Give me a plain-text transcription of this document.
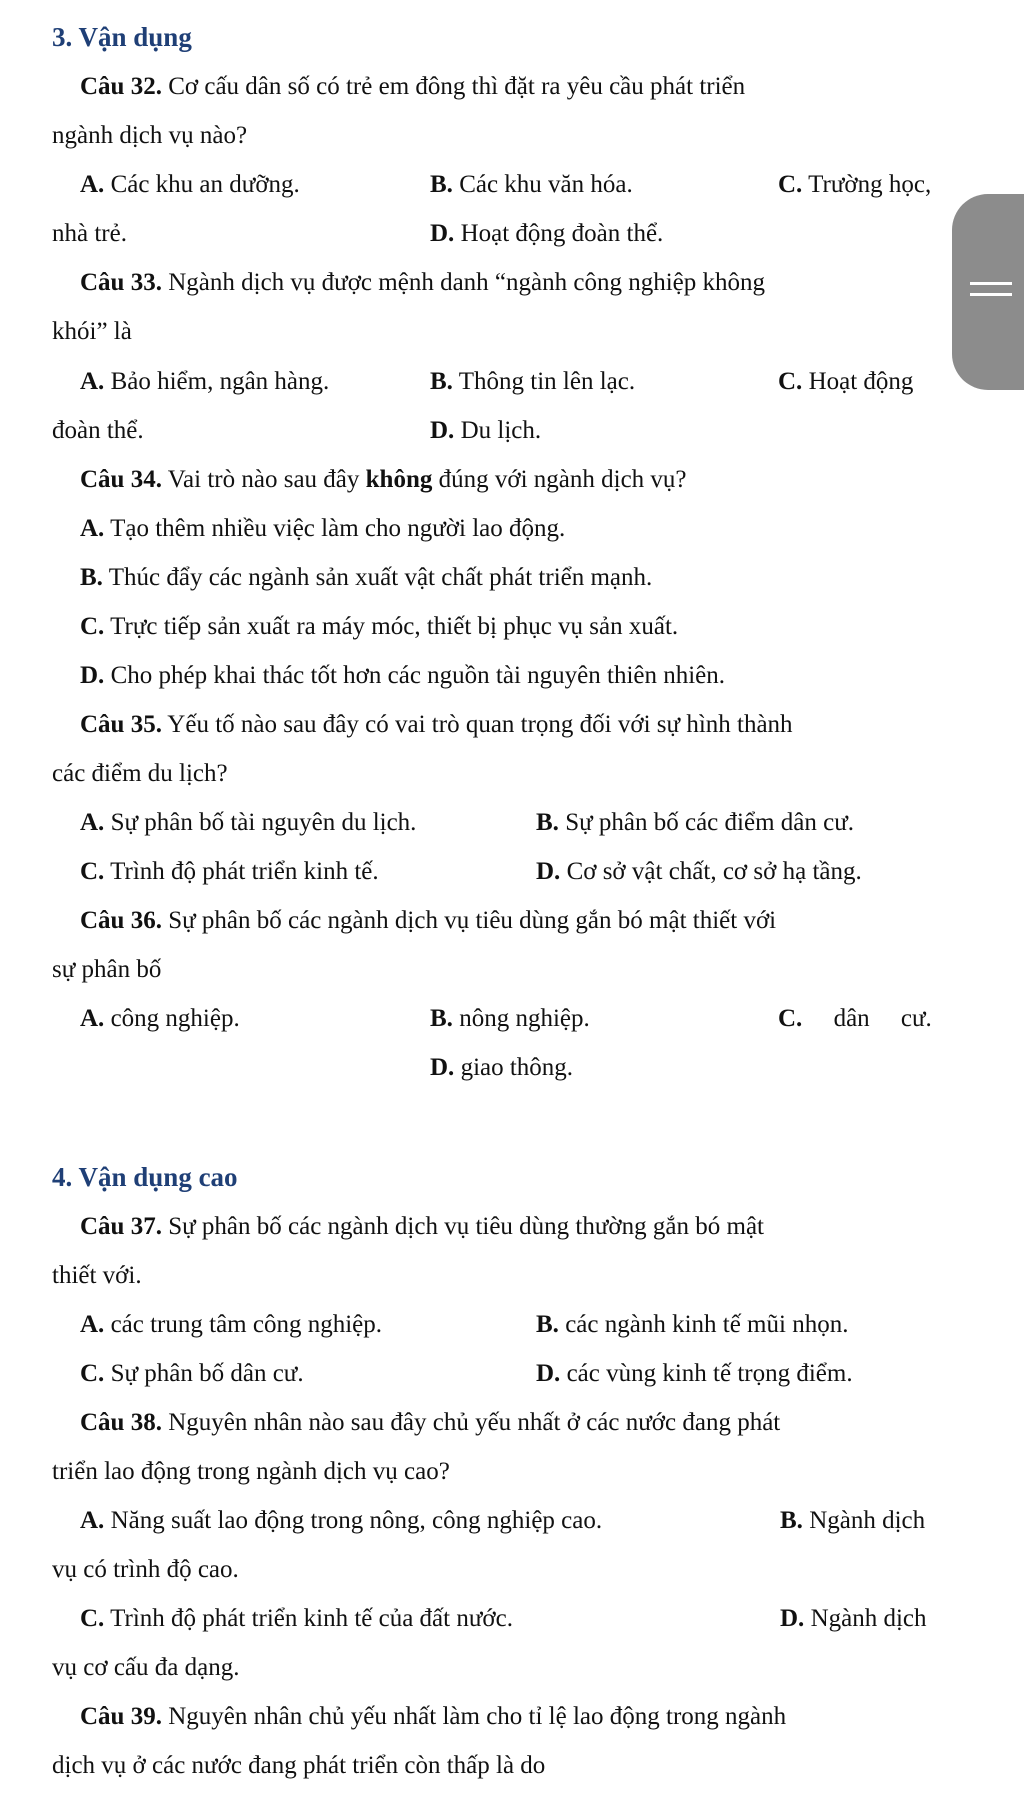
3. Vận dụng
Câu 32. Cơ cấu dân số có trẻ em đông thì đặt ra yêu cầu phát triển
ngành dịch vụ nào?
A. Các khu an dưỡng.	B. Các khu văn hóa.	C. Trường học,
nhà trẻ.	D. Hoạt động đoàn thể.
Câu 33. Ngành dịch vụ được mệnh danh “ngành công nghiệp không
khói” là
A. Bảo hiểm, ngân hàng.	B. Thông tin lên lạc.	C. Hoạt động
đoàn thể.	D. Du lịch.
Câu 34. Vai trò nào sau đây không đúng với ngành dịch vụ?
A. Tạo thêm nhiều việc làm cho người lao động.
B. Thúc đẩy các ngành sản xuất vật chất phát triển mạnh.
C. Trực tiếp sản xuất ra máy móc, thiết bị phục vụ sản xuất.
D. Cho phép khai thác tốt hơn các nguồn tài nguyên thiên nhiên.
Câu 35. Yếu tố nào sau đây có vai trò quan trọng đối với sự hình thành
các điểm du lịch?
A. Sự phân bố tài nguyên du lịch.	B. Sự phân bố các điểm dân cư.
C. Trình độ phát triển kinh tế.	D. Cơ sở vật chất, cơ sở hạ tầng.
Câu 36. Sự phân bố các ngành dịch vụ tiêu dùng gắn bó mật thiết với
sự phân bố
A. công nghiệp.	B. nông nghiệp.	C.     dân     cư.
D. giao thông.
4. Vận dụng cao
Câu 37. Sự phân bố các ngành dịch vụ tiêu dùng thường gắn bó mật
thiết với.
A. các trung tâm công nghiệp.	B. các ngành kinh tế mũi nhọn.
C. Sự phân bố dân cư.	D. các vùng kinh tế trọng điểm.
Câu 38. Nguyên nhân nào sau đây chủ yếu nhất ở các nước đang phát
triển lao động trong ngành dịch vụ cao?
A. Năng suất lao động trong nông, công nghiệp cao.	B. Ngành dịch
vụ có trình độ cao.
C. Trình độ phát triển kinh tế của đất nước.	D. Ngành dịch
vụ cơ cấu đa dạng.
Câu 39. Nguyên nhân chủ yếu nhất làm cho tỉ lệ lao động trong ngành
dịch vụ ở các nước đang phát triển còn thấp là do
